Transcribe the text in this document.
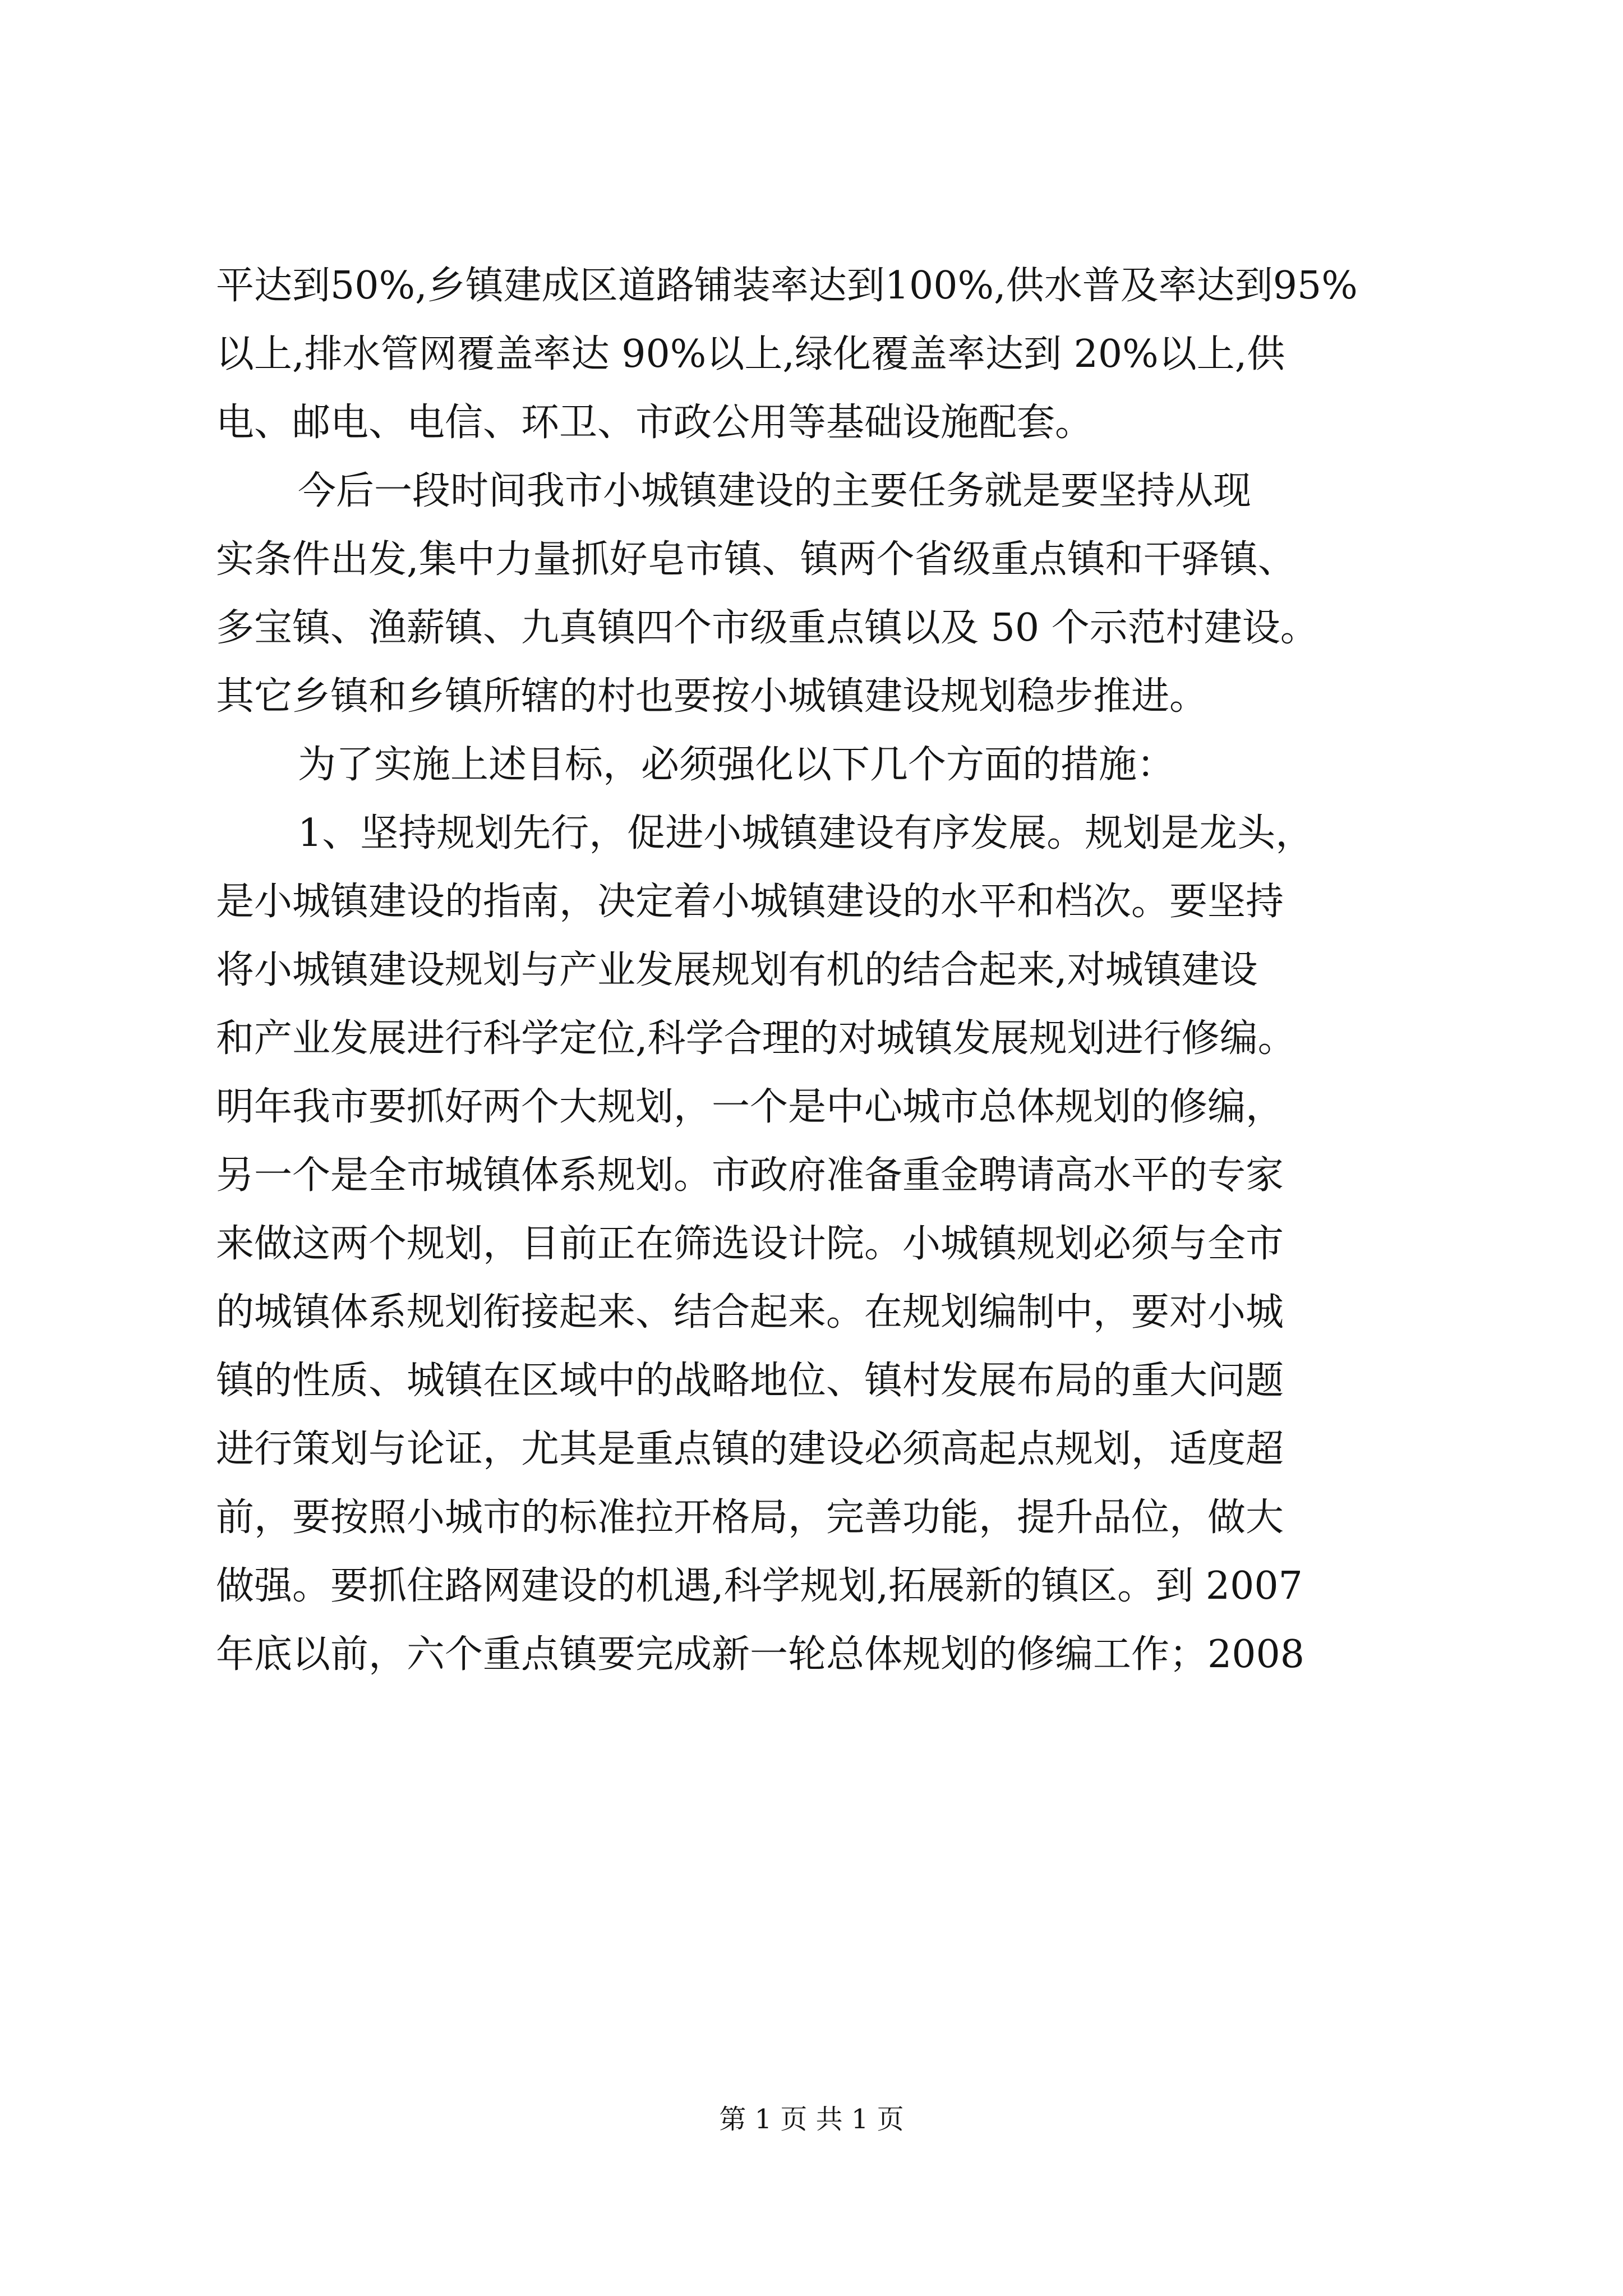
平达到50%,乡镇建成区道路铺装率达到100%,供水普及率达到95%
以上,排水管网覆盖率达 90%以上,绿化覆盖率达到 20%以上,供
电、邮电、电信、环卫、市政公用等基础设施配套。
今后一段时间我市小城镇建设的主要任务就是要坚持从现
实条件出发,集中力量抓好皂市镇、镇两个省级重点镇和干驿镇、
多宝镇、渔薪镇、九真镇四个市级重点镇以及 50 个示范村建设。
其它乡镇和乡镇所辖的村也要按小城镇建设规划稳步推进。
为了实施上述目标，必须强化以下几个方面的措施：
1、坚持规划先行，促进小城镇建设有序发展。规划是龙头，
是小城镇建设的指南，决定着小城镇建设的水平和档次。要坚持
将小城镇建设规划与产业发展规划有机的结合起来,对城镇建设
和产业发展进行科学定位,科学合理的对城镇发展规划进行修编。
明年我市要抓好两个大规划，一个是中心城市总体规划的修编，
另一个是全市城镇体系规划。市政府准备重金聘请高水平的专家
来做这两个规划，目前正在筛选设计院。小城镇规划必须与全市
的城镇体系规划衔接起来、结合起来。在规划编制中，要对小城
镇的性质、城镇在区域中的战略地位、镇村发展布局的重大问题
进行策划与论证，尤其是重点镇的建设必须高起点规划，适度超
前，要按照小城市的标准拉开格局，完善功能，提升品位，做大
做强。要抓住路网建设的机遇,科学规划,拓展新的镇区。到 2007
年底以前，六个重点镇要完成新一轮总体规划的修编工作；2008
第 1 页 共 1 页
